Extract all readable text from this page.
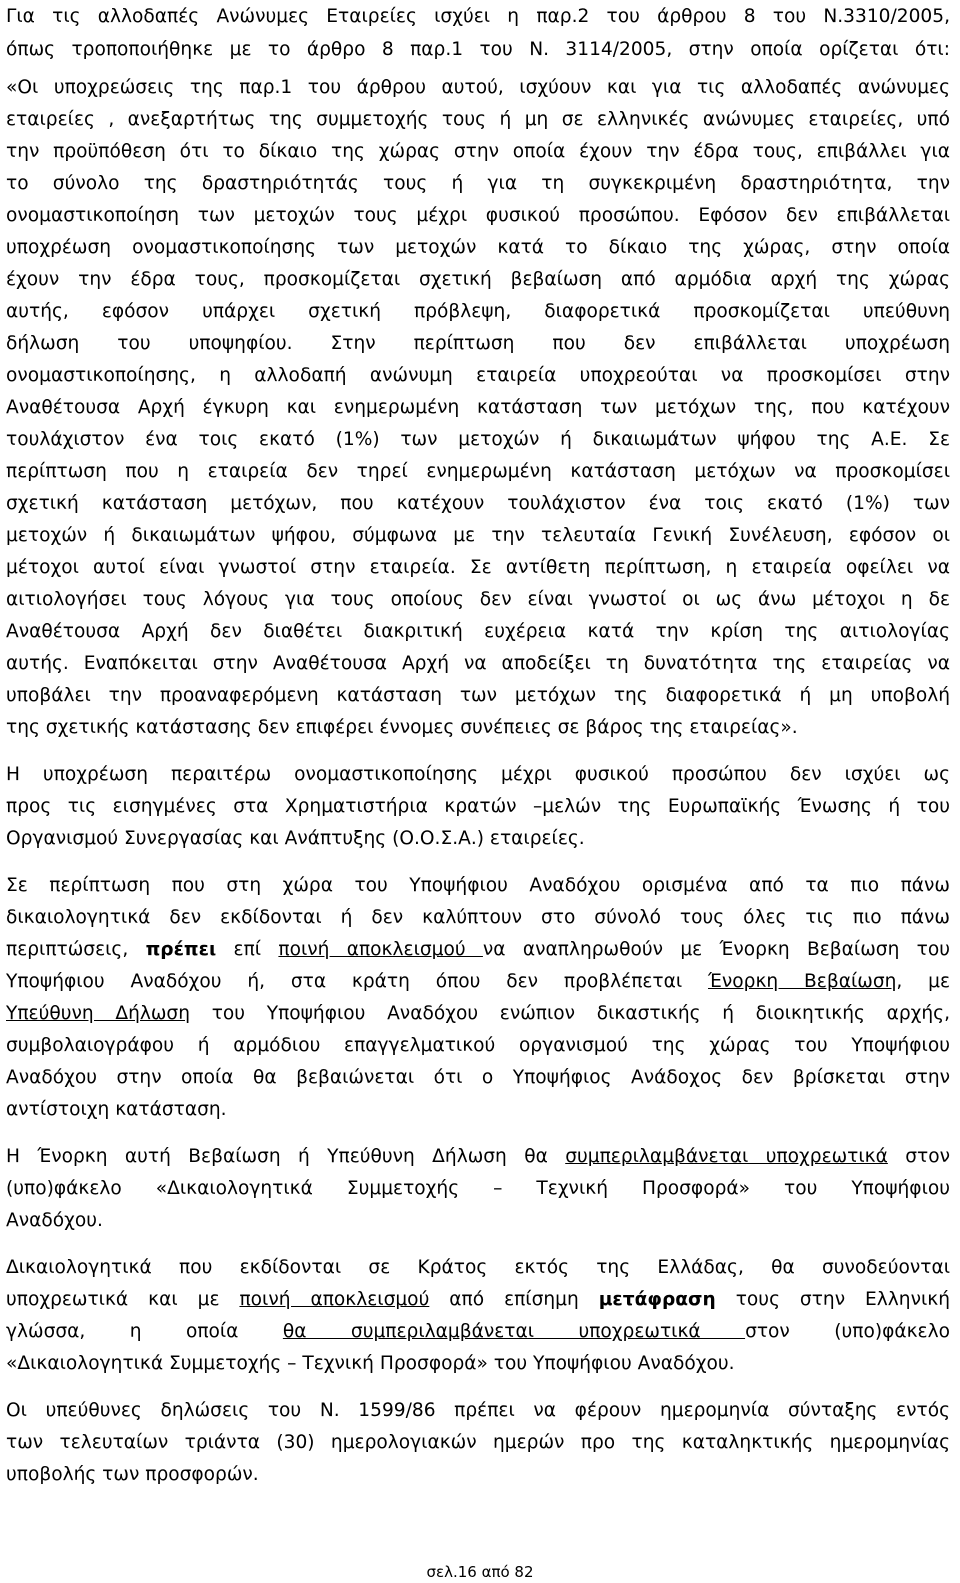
Για τις αλλοδαπές Ανώνυμες Εταιρείες ισχύει η παρ.2 του άρθρου 8 του Ν.3310/2005,
όπως τροποποιήθηκε με το άρθρο 8 παρ.1 του Ν. 3114/2005, στην οποία ορίζεται ότι:
«Οι υποχρεώσεις της παρ.1 του άρθρου αυτού, ισχύουν και για τις αλλοδαπές ανώνυμες
εταιρείες , ανεξαρτήτως της συμμετοχής τους ή μη σε ελληνικές ανώνυμες εταιρείες, υπό
την προϋπόθεση ότι το δίκαιο της χώρας στην οποία έχουν την έδρα τους, επιβάλλει για
το σύνολο της δραστηριότητάς τους ή για τη συγκεκριμένη δραστηριότητα, την
ονομαστικοποίηση των μετοχών τους μέχρι φυσικού προσώπου. Εφόσον δεν επιβάλλεται
υποχρέωση ονομαστικοποίησης των μετοχών κατά το δίκαιο της χώρας, στην οποία
έχουν την έδρα τους, προσκομίζεται σχετική βεβαίωση από αρμόδια αρχή της χώρας
αυτής, εφόσον υπάρχει σχετική πρόβλεψη, διαφορετικά προσκομίζεται υπεύθυνη
δήλωση του υποψηφίου. Στην περίπτωση που δεν επιβάλλεται υποχρέωση
ονομαστικοποίησης, η αλλοδαπή ανώνυμη εταιρεία υποχρεούται να προσκομίσει στην
Αναθέτουσα Αρχή έγκυρη και ενημερωμένη κατάσταση των μετόχων της, που κατέχουν
τουλάχιστον ένα τοις εκατό (1%) των μετοχών ή δικαιωμάτων ψήφου της Α.Ε. Σε
περίπτωση που η εταιρεία δεν τηρεί ενημερωμένη κατάσταση μετόχων να προσκομίσει
σχετική κατάσταση μετόχων, που κατέχουν τουλάχιστον ένα τοις εκατό (1%) των
μετοχών ή δικαιωμάτων ψήφου, σύμφωνα με την τελευταία Γενική Συνέλευση, εφόσον οι
μέτοχοι αυτοί είναι γνωστοί στην εταιρεία. Σε αντίθετη περίπτωση, η εταιρεία οφείλει να
αιτιολογήσει τους λόγους για τους οποίους δεν είναι γνωστοί οι ως άνω μέτοχοι η δε
Αναθέτουσα Αρχή δεν διαθέτει διακριτική ευχέρεια κατά την κρίση της αιτιολογίας
αυτής. Εναπόκειται στην Αναθέτουσα Αρχή να αποδείξει τη δυνατότητα της εταιρείας να
υποβάλει την προαναφερόμενη κατάσταση των μετόχων της διαφορετικά ή μη υποβολή
της σχετικής κατάστασης δεν επιφέρει έννομες συνέπειες σε βάρος της εταιρείας».
Η υποχρέωση περαιτέρω ονομαστικοποίησης μέχρι φυσικού προσώπου δεν ισχύει ως
προς τις εισηγμένες στα Χρηματιστήρια κρατών –μελών της Ευρωπαϊκής Ένωσης ή του
Οργανισμού Συνεργασίας και Ανάπτυξης (Ο.Ο.Σ.Α.) εταιρείες.
Σε περίπτωση που στη χώρα του Υποψήφιου Αναδόχου ορισμένα από τα πιο πάνω
δικαιολογητικά δεν εκδίδονται ή δεν καλύπτουν στο σύνολό τους όλες τις πιο πάνω
περιπτώσεις, πρέπει επί ποινή αποκλεισμού να αναπληρωθούν με Ένορκη Βεβαίωση του
Υποψήφιου Αναδόχου ή, στα κράτη όπου δεν προβλέπεται Ένορκη Βεβαίωση, με
Υπεύθυνη Δήλωση του Υποψήφιου Αναδόχου ενώπιον δικαστικής ή διοικητικής αρχής,
συμβολαιογράφου ή αρμόδιου επαγγελματικού οργανισμού της χώρας του Υποψήφιου
Αναδόχου στην οποία θα βεβαιώνεται ότι ο Υποψήφιος Ανάδοχος δεν βρίσκεται στην
αντίστοιχη κατάσταση.
Η Ένορκη αυτή Βεβαίωση ή Υπεύθυνη Δήλωση θα συμπεριλαμβάνεται υποχρεωτικά στον
(υπο)φάκελο «Δικαιολογητικά Συμμετοχής – Τεχνική Προσφορά» του Υποψήφιου
Αναδόχου.
Δικαιολογητικά που εκδίδονται σε Κράτος εκτός της Ελλάδας, θα συνοδεύονται
υποχρεωτικά και με ποινή αποκλεισμού από επίσημη μετάφραση τους στην Ελληνική
γλώσσα, η οποία θα συμπεριλαμβάνεται υποχρεωτικά στον (υπο)φάκελο
«Δικαιολογητικά Συμμετοχής – Τεχνική Προσφορά» του Υποψήφιου Αναδόχου.
Οι υπεύθυνες δηλώσεις του Ν. 1599/86 πρέπει να φέρουν ημερομηνία σύνταξης εντός
των τελευταίων τριάντα (30) ημερολογιακών ημερών προ της καταληκτικής ημερομηνίας
υποβολής των προσφορών.
σελ.16 από 82
